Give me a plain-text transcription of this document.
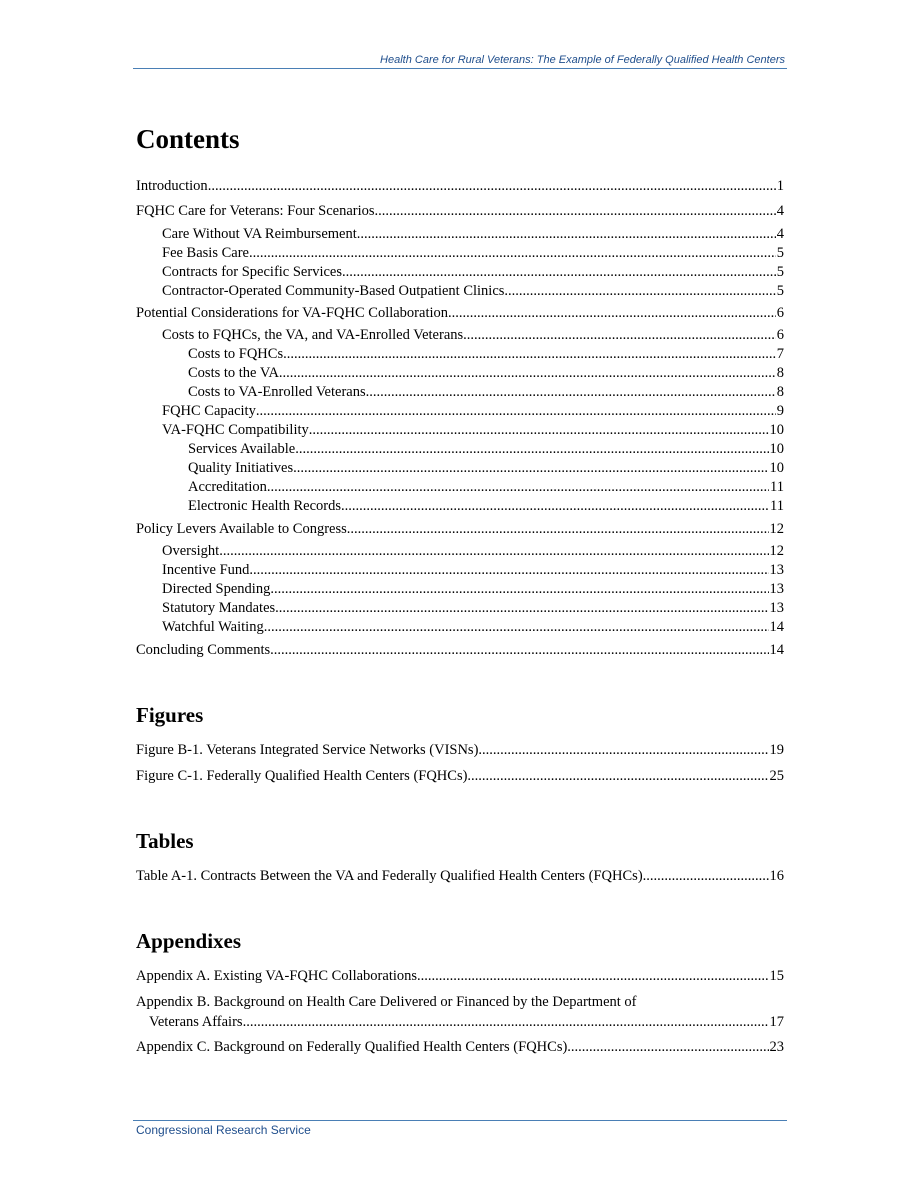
Health Care for Rural Veterans: The Example of Federally Qualified Health Centers
Contents
Introduction .....	1
FQHC Care for Veterans: Four Scenarios .....	4
Care Without VA Reimbursement .....	4
Fee Basis Care .....	5
Contracts for Specific Services .....	5
Contractor-Operated Community-Based Outpatient Clinics .....	5
Potential Considerations for VA-FQHC Collaboration .....	6
Costs to FQHCs, the VA, and VA-Enrolled Veterans .....	6
Costs to FQHCs .....	7
Costs to the VA .....	8
Costs to VA-Enrolled Veterans .....	8
FQHC Capacity .....	9
VA-FQHC Compatibility .....	10
Services Available .....	10
Quality Initiatives .....	10
Accreditation .....	11
Electronic Health Records .....	11
Policy Levers Available to Congress .....	12
Oversight .....	12
Incentive Fund .....	13
Directed Spending .....	13
Statutory Mandates .....	13
Watchful Waiting .....	14
Concluding Comments .....	14
Figures
Figure B-1. Veterans Integrated Service Networks (VISNs) .....	19
Figure C-1. Federally Qualified Health Centers (FQHCs) .....	25
Tables
Table A-1. Contracts Between the VA and Federally Qualified Health Centers (FQHCs) .....	16
Appendixes
Appendix A. Existing VA-FQHC Collaborations .....	15
Appendix B. Background on Health Care Delivered or Financed by the Department of
Veterans Affairs .....	17
Appendix C. Background on Federally Qualified Health Centers (FQHCs) .....	23
Congressional Research Service
